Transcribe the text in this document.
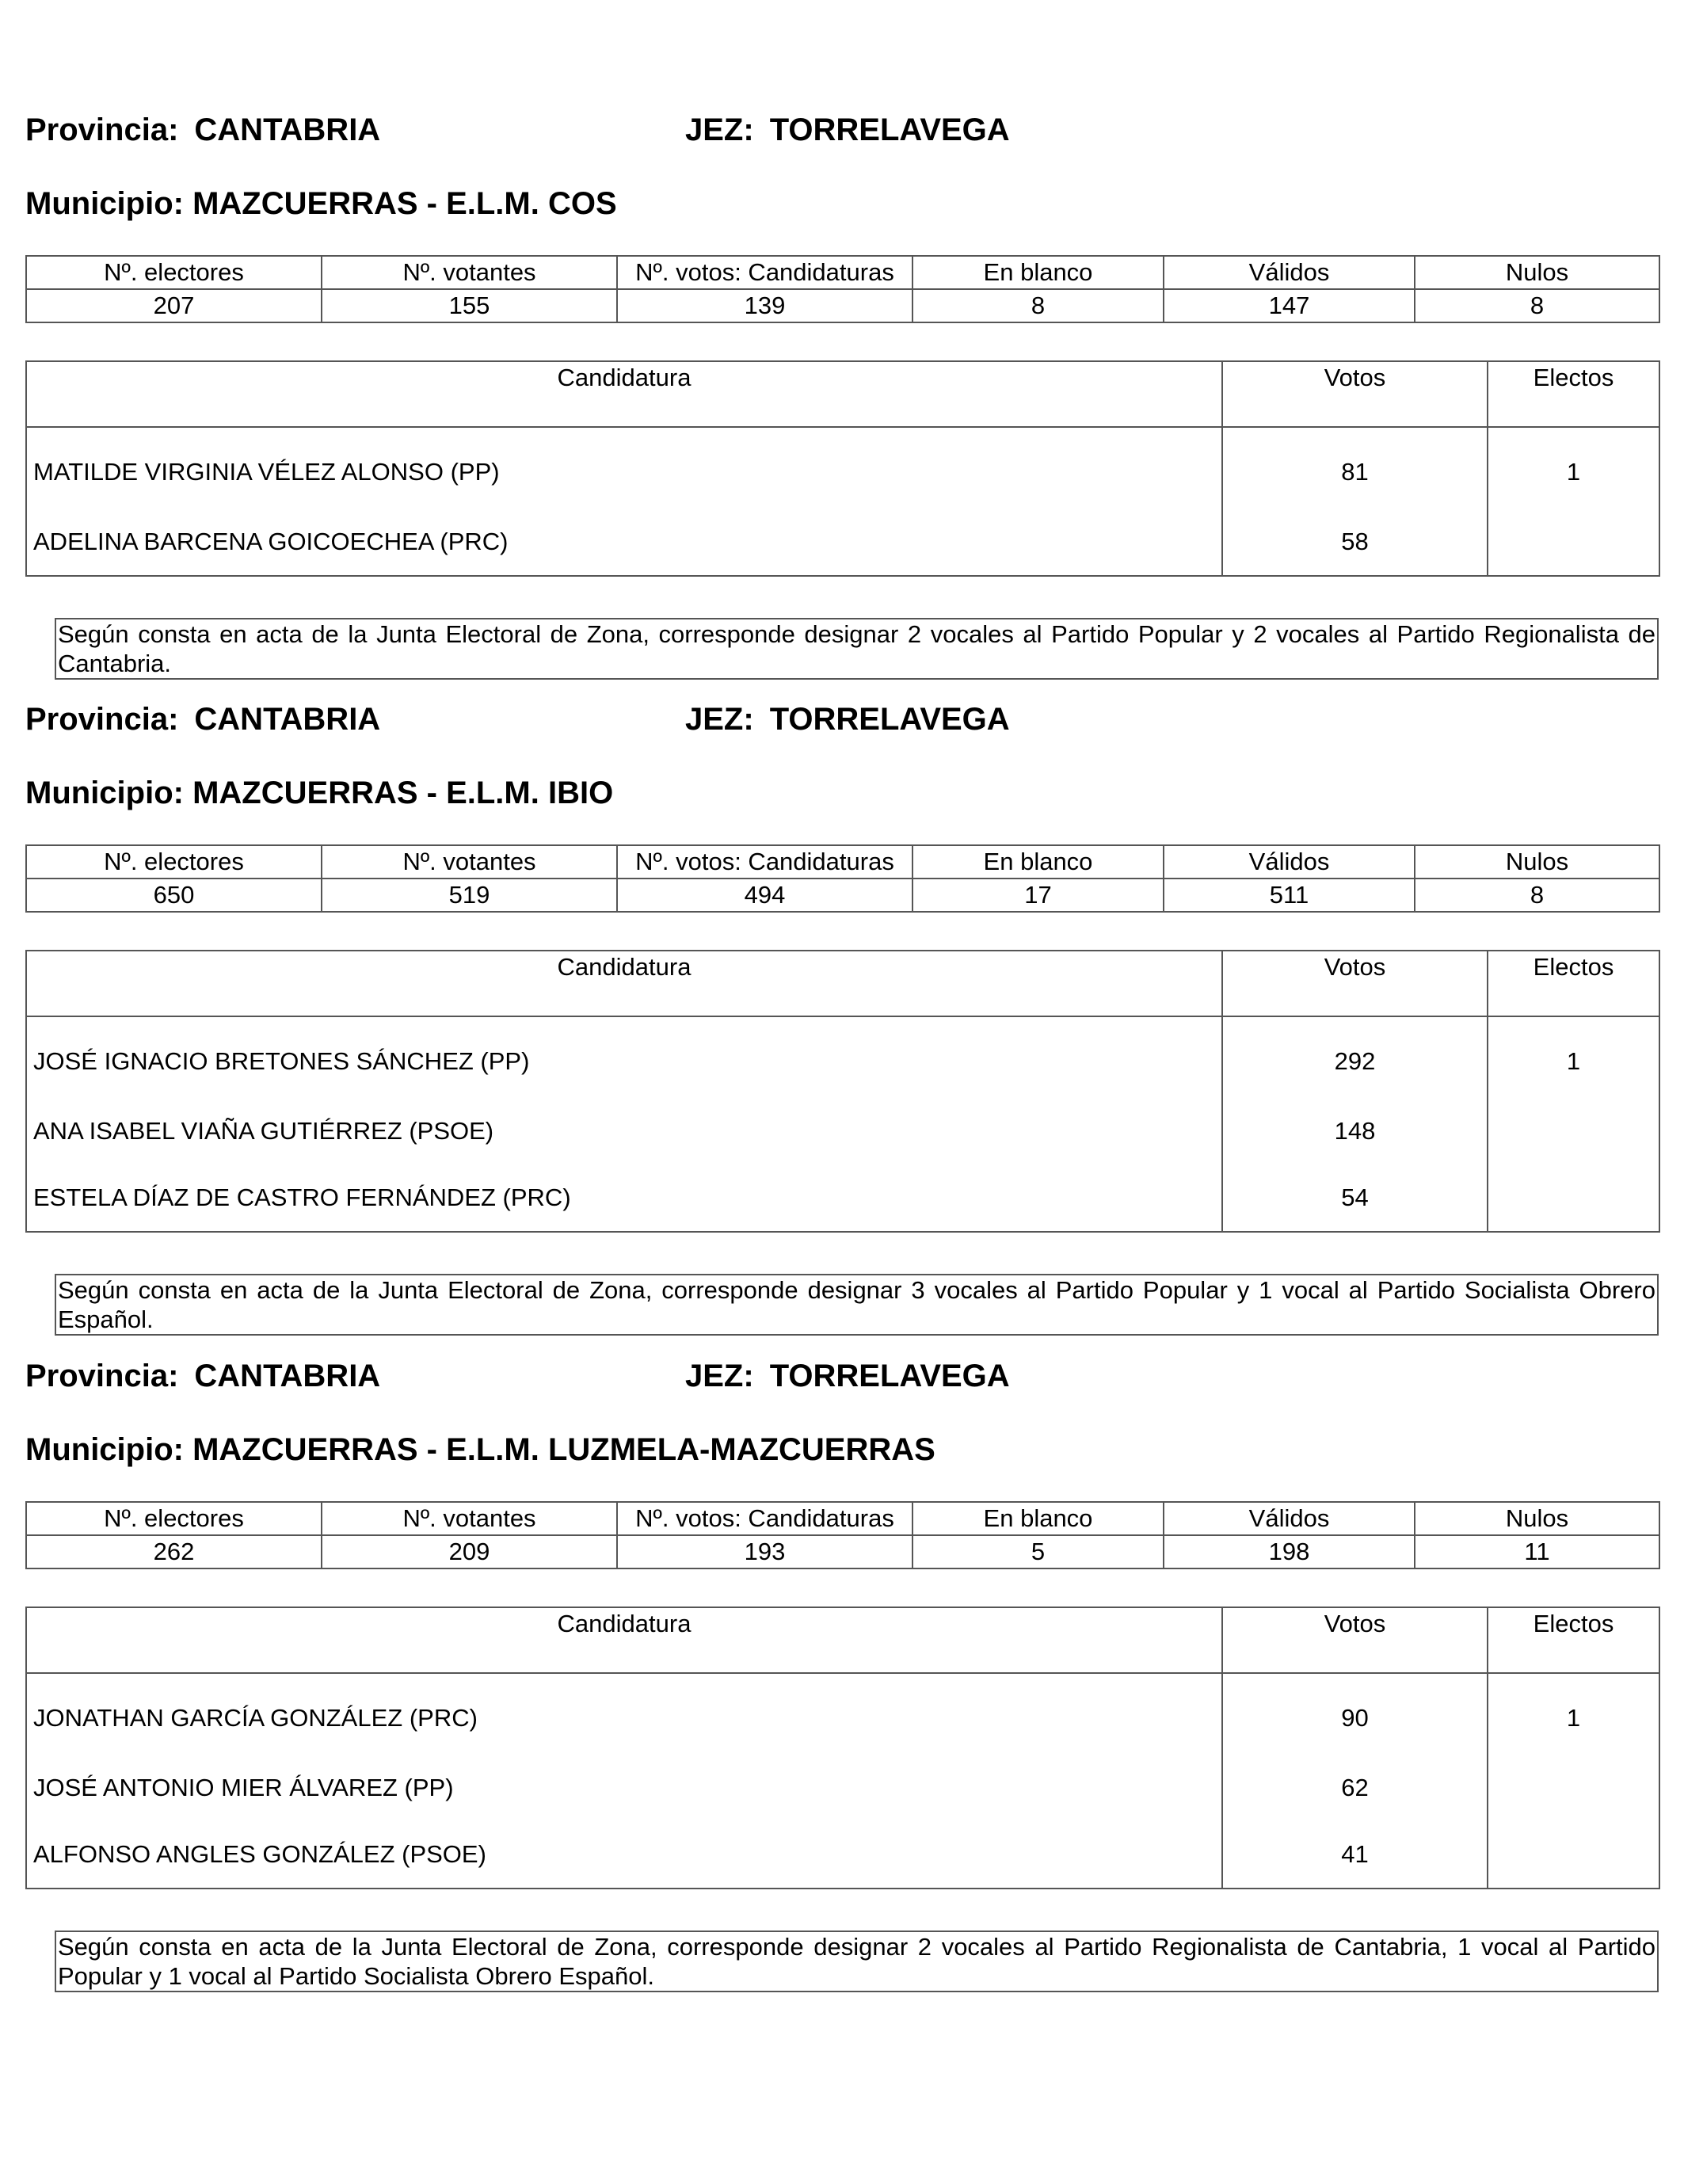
Provincia: CANTABRIA	JEZ: TORRELAVEGA
Municipio: MAZCUERRAS - E.L.M. COS
Nº. electores	Nº. votantes	Nº. votos: Candidaturas	En blanco	Válidos	Nulos
207	155	139	8	147	8
Candidatura	Votos	Electos
MATILDE VIRGINIA VÉLEZ ALONSO (PP)	81	1
ADELINA BARCENA GOICOECHEA (PRC)	58	
Según consta en acta de la Junta Electoral de Zona, corresponde designar 2 vocales al Partido Popular y 2 vocales al Partido Regionalista de Cantabria.
Provincia: CANTABRIA	JEZ: TORRELAVEGA
Municipio: MAZCUERRAS - E.L.M. IBIO
Nº. electores	Nº. votantes	Nº. votos: Candidaturas	En blanco	Válidos	Nulos
650	519	494	17	511	8
Candidatura	Votos	Electos
JOSÉ IGNACIO BRETONES SÁNCHEZ (PP)	292	1
ANA ISABEL VIAÑA GUTIÉRREZ (PSOE)	148	
ESTELA DÍAZ DE CASTRO FERNÁNDEZ (PRC)	54	
Según consta en acta de la Junta Electoral de Zona, corresponde designar 3 vocales al Partido Popular y 1 vocal al Partido Socialista Obrero Español.
Provincia: CANTABRIA	JEZ: TORRELAVEGA
Municipio: MAZCUERRAS - E.L.M. LUZMELA-MAZCUERRAS
Nº. electores	Nº. votantes	Nº. votos: Candidaturas	En blanco	Válidos	Nulos
262	209	193	5	198	11
Candidatura	Votos	Electos
JONATHAN GARCÍA GONZÁLEZ (PRC)	90	1
JOSÉ ANTONIO MIER ÁLVAREZ (PP)	62	
ALFONSO ANGLES GONZÁLEZ (PSOE)	41	
Según consta en acta de la Junta Electoral de Zona, corresponde designar 2 vocales al Partido Regionalista de Cantabria, 1 vocal al Partido Popular y 1 vocal al Partido Socialista Obrero Español.
